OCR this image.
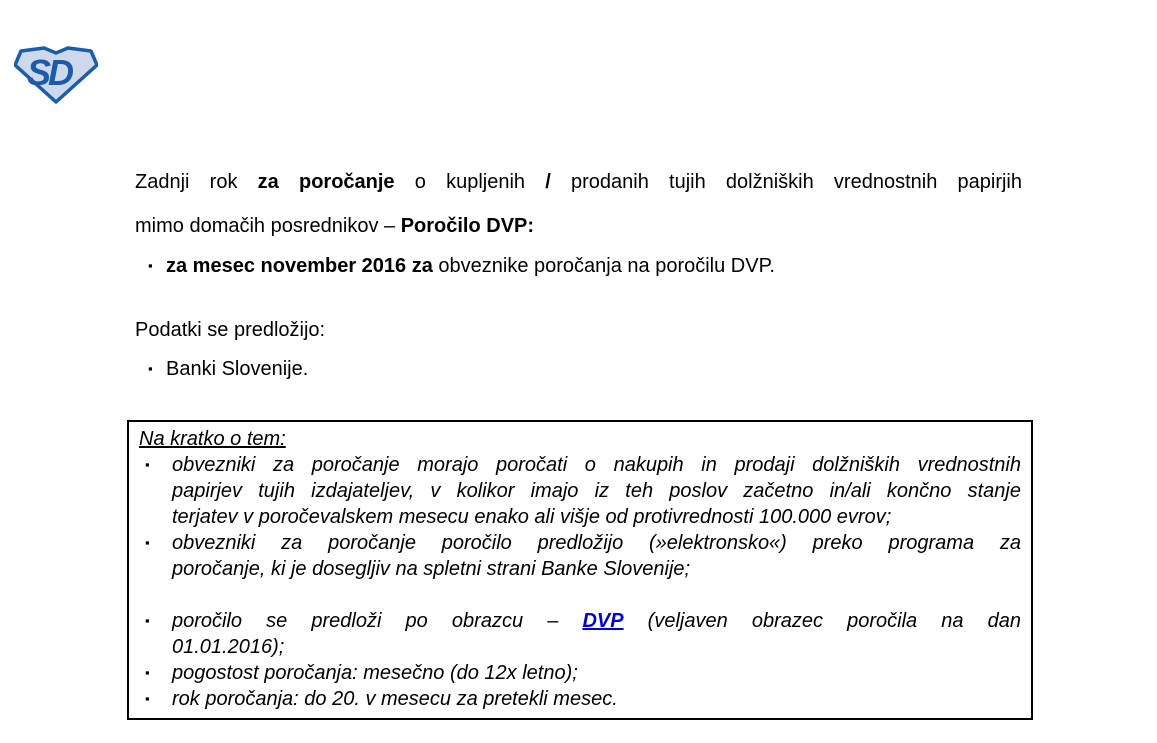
SD
Zadnji rok za poročanje o kupljenih / prodanih tujih dolžniških vrednostnih papirjih
mimo domačih posrednikov – Poročilo DVP:
▪ za mesec november 2016 za obveznike poročanja na poročilu DVP.
Podatki se predložijo:
▪ Banki Slovenije.
Na kratko o tem:
▪	obvezniki za poročanje morajo poročati o nakupih in prodaji dolžniških vrednostnih
papirjev tujih izdajateljev, v kolikor imajo iz teh poslov začetno in/ali končno stanje
terjatev v poročevalskem mesecu enako ali višje od protivrednosti 100.000 evrov;
▪	obvezniki za poročanje poročilo predložijo (»elektronsko«) preko programa za
poročanje, ki je dosegljiv na spletni strani Banke Slovenije;
▪	poročilo se predloži po obrazcu – DVP (veljaven obrazec poročila na dan
01.01.2016);
▪	pogostost poročanja: mesečno (do 12x letno);
▪	rok poročanja: do 20. v mesecu za pretekli mesec.
